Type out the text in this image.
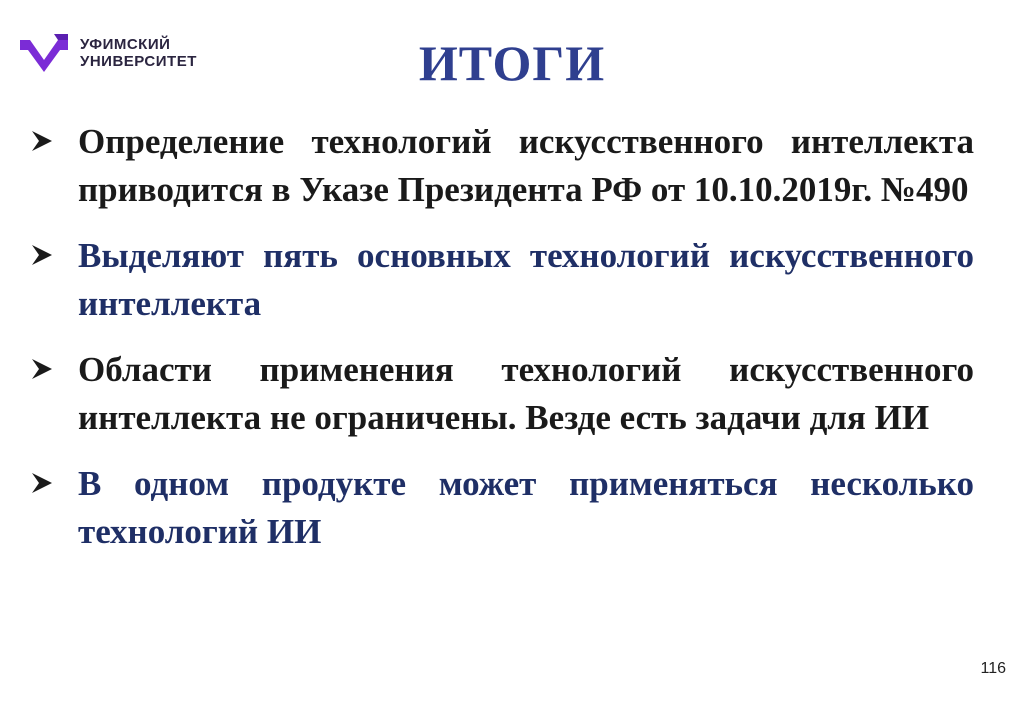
УФИМСКИЙ
УНИВЕРСИТЕТ	ИТОГИ
Определение технологий искусственного интеллекта приводится в Указе Президента РФ от 10.10.2019г. №490
Выделяют пять основных технологий искусственного интеллекта
Области применения технологий искусственного интеллекта не ограничены. Везде есть задачи для ИИ
В одном продукте может применяться несколько технологий ИИ
116
